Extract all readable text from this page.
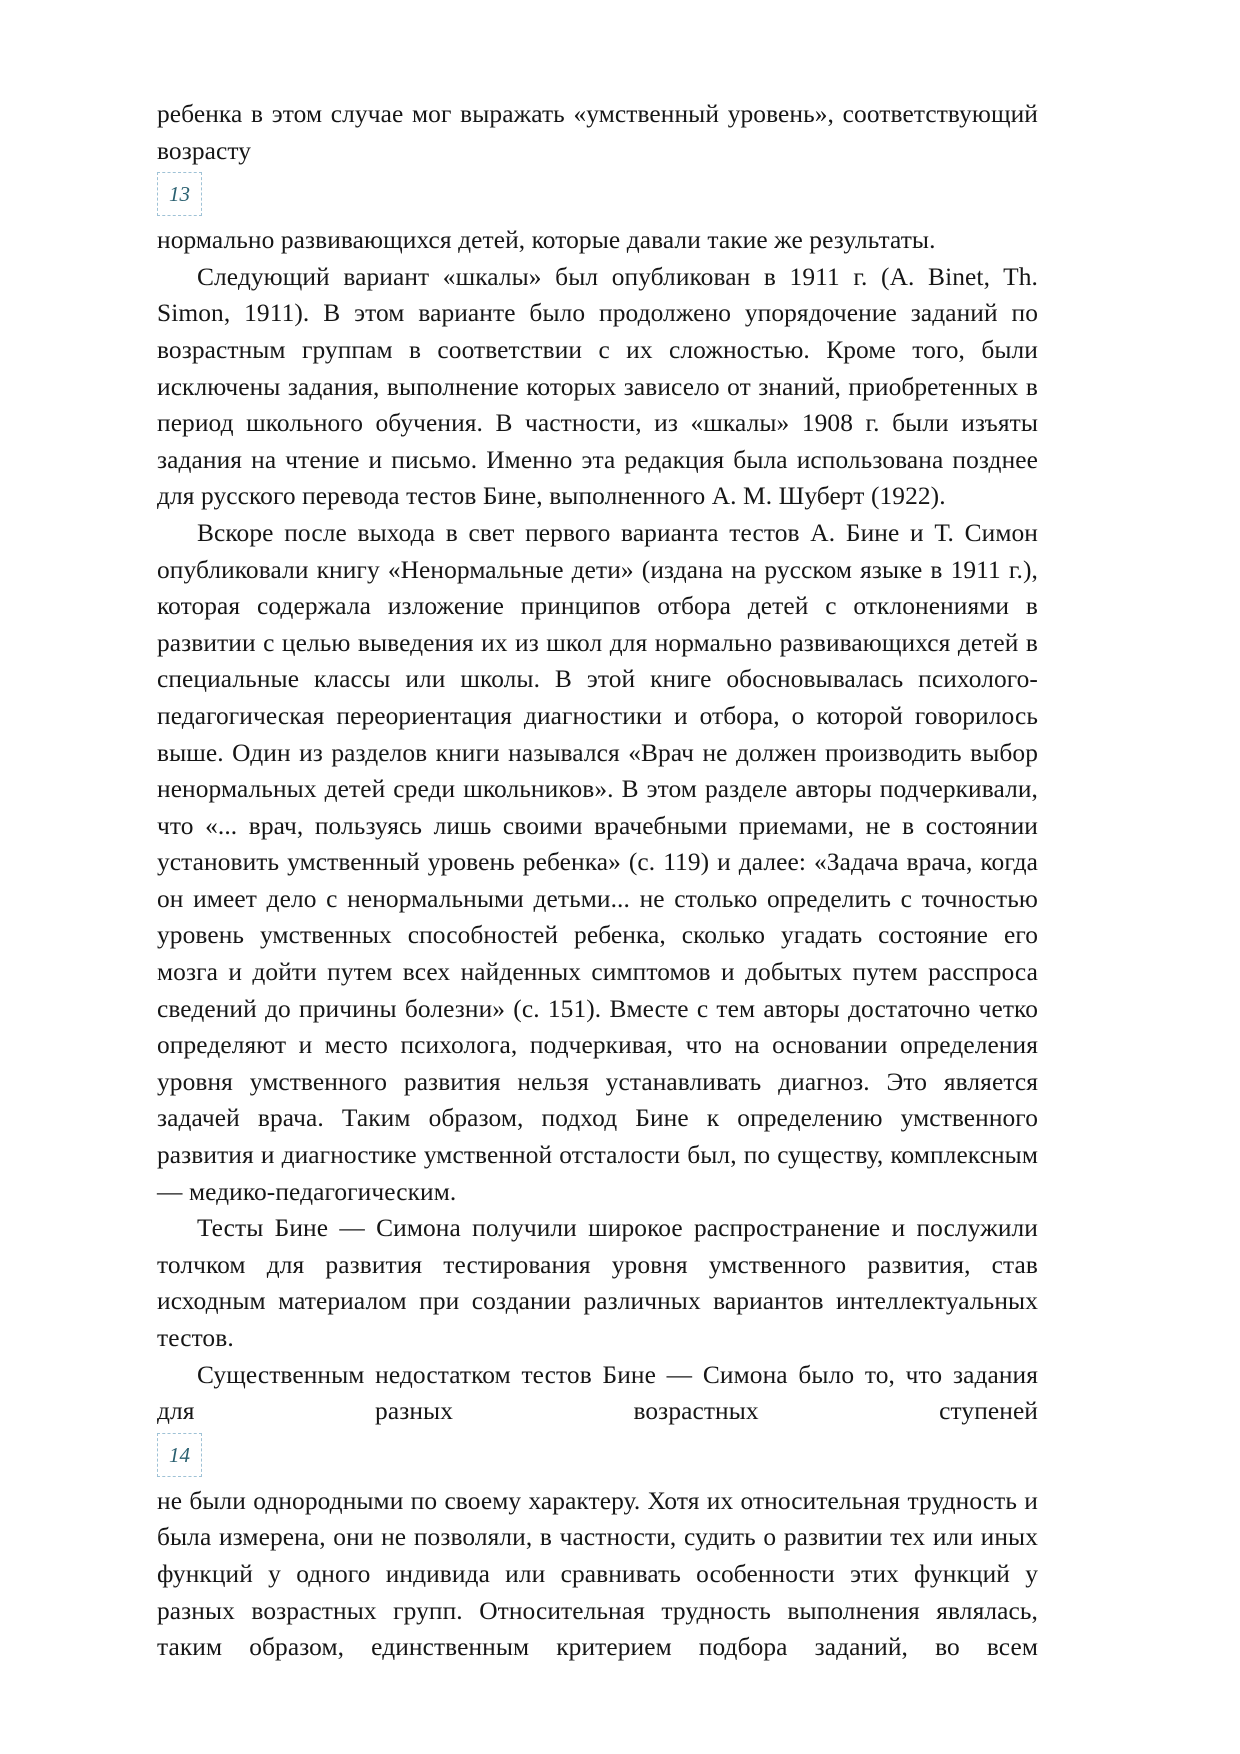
ребенка в этом случае мог выражать «умственный уровень», соответствующий возрасту

13

нормально развивающихся детей, которые давали такие же результаты.

Следующий вариант «шкалы» был опубликован в 1911 г. (A. Binet, Th. Simon, 1911). В этом варианте было продолжено упорядочение заданий по возрастным группам в соответствии с их сложностью. Кроме того, были исключены задания, выполнение которых зависело от знаний, приобретенных в период школьного обучения. В частности, из «шкалы» 1908 г. были изъяты задания на чтение и письмо. Именно эта редакция была использована позднее для русского перевода тестов Бине, выполненного А. М. Шуберт (1922).

Вскоре после выхода в свет первого варианта тестов А. Бине и Т. Симон опубликовали книгу «Ненормальные дети» (издана на русском языке в 1911 г.), которая содержала изложение принципов отбора детей с отклонениями в развитии с целью выведения их из школ для нормально развивающихся детей в специальные классы или школы. В этой книге обосновывалась психолого-педагогическая переориентация диагностики и отбора, о которой говорилось выше. Один из разделов книги назывался «Врач не должен производить выбор ненормальных детей среди школьников». В этом разделе авторы подчеркивали, что «... врач, пользуясь лишь своими врачебными приемами, не в состоянии установить умственный уровень ребенка» (с. 119) и далее: «Задача врача, когда он имеет дело с ненормальными детьми... не столько определить с точностью уровень умственных способностей ребенка, сколько угадать состояние его мозга и дойти путем всех найденных симптомов и добытых путем расспроса сведений до причины болезни» (с. 151). Вместе с тем авторы достаточно четко определяют и место психолога, подчеркивая, что на основании определения уровня умственного развития нельзя устанавливать диагноз. Это является задачей врача. Таким образом, подход Бине к определению умственного развития и диагностике умственной отсталости был, по существу, комплексным — медико-педагогическим.

Тесты Бине — Симона получили широкое распространение и послужили толчком для развития тестирования уровня умственного развития, став исходным материалом при создании различных вариантов интеллектуальных тестов.

Существенным недостатком тестов Бине — Симона было то, что задания для разных возрастных ступеней

14

не были однородными по своему характеру. Хотя их относительная трудность и была измерена, они не позволяли, в частности, судить о развитии тех или иных функций у одного индивида или сравнивать особенности этих функций у разных возрастных групп. Относительная трудность выполнения являлась, таким образом, единственным критерием подбора заданий, во всем
